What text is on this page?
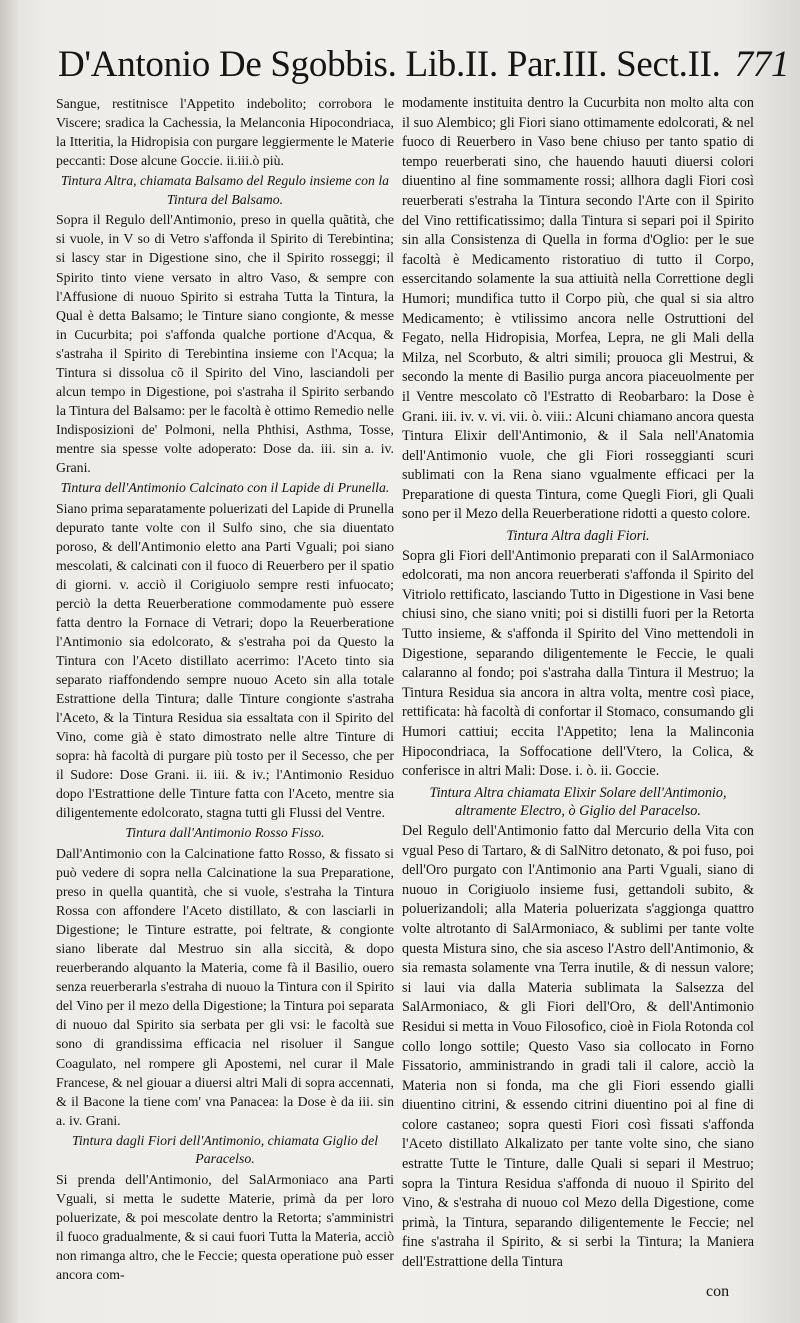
D'Antonio De Sgobbis. Lib.II. Par.III. Sect.II. 771

Sangue, restitnisce l'Appetito indebolito; corrobora le Viscere; sradica la Cachessia, la Melanconia Hipocondriaca, la Itteritia, la Hidropisia con purgare leggiermente le Materie peccanti: Dose alcune Goccie. ii.iii.ò più.

Tintura Altra, chiamata Balsamo del Regulo insieme con la Tintura del Balsamo.

Sopra il Regulo dell'Antimonio, preso in quella quãtità, che si vuole, in V so di Vetro s'affonda il Spirito di Terebintina; si lascy star in Digestione sino, che il Spirito rosseggi; il Spirito tinto viene versato in altro Vaso, & sempre con l'Affusione di nuouo Spirito si estraha Tutta la Tintura, la Qual è detta Balsamo; le Tinture siano congionte, & messe in Cucurbita; poi s'affonda qualche portione d'Acqua, & s'astraha il Spirito di Terebintina insieme con l'Acqua; la Tintura si dissolua cõ il Spirito del Vino, lasciandoli per alcun tempo in Digestione, poi s'astraha il Spirito serbando la Tintura del Balsamo: per le facoltà è ottimo Remedio nelle Indisposizioni de' Polmoni, nella Phthisi, Asthma, Tosse, mentre sia spesse volte adoperato: Dose da. iii. sin a. iv. Grani.

Tintura dell'Antimonio Calcinato con il Lapide di Prunella.

Siano prima separatamente poluerizati del Lapide di Prunella depurato tante volte con il Sulfo sino, che sia diuentato poroso, & dell'Antimonio eletto ana Parti Vguali; poi siano mescolati, & calcinati con il fuoco di Reuerbero per il spatio di giorni. v. acciò il Corigiuolo sempre resti infuocato; perciò la detta Reuerberatione commodamente può essere fatta dentro la Fornace di Vetrari; dopo la Reuerberatione l'Antimonio sia edolcorato, & s'estraha poi da Questo la Tintura con l'Aceto distillato acerrimo: l'Aceto tinto sia separato riaffondendo sempre nuouo Aceto sin alla totale Estrattione della Tintura; dalle Tinture congionte s'astraha l'Aceto, & la Tintura Residua sia essaltata con il Spirito del Vino, come già è stato dimostrato nelle altre Tinture di sopra: hà facoltà di purgare più tosto per il Secesso, che per il Sudore: Dose Grani. ii. iii. & iv.; l'Antimonio Residuo dopo l'Estrattione delle Tinture fatta con l'Aceto, mentre sia diligentemente edolcorato, stagna tutti gli Flussi del Ventre.

Tintura dall'Antimonio Rosso Fisso.

Dall'Antimonio con la Calcinatione fatto Rosso, & fissato si può vedere di sopra nella Calcinatione la sua Preparatione, preso in quella quantità, che si vuole, s'estraha la Tintura Rossa con affondere l'Aceto distillato, & con lasciarli in Digestione; le Tinture estratte, poi feltrate, & congionte siano liberate dal Mestruo sin alla siccità, & dopo reuerberando alquanto la Materia, come fà il Basilio, ouero senza reuerberarla s'estraha di nuouo la Tintura con il Spirito del Vino per il mezo della Digestione; la Tintura poi separata di nuouo dal Spirito sia serbata per gli vsi: le facoltà sue sono di grandissima efficacia nel risoluer il Sangue Coagulato, nel rompere gli Apostemi, nel curar il Male Francese, & nel giouar a diuersi altri Mali di sopra accennati, & il Bacone la tiene com' vna Panacea: la Dose è da iii. sin a. iv. Grani.

Tintura dagli Fiori dell'Antimonio, chiamata Giglio del Paracelso.

Si prenda dell'Antimonio, del SalArmoniaco ana Parti Vguali, si metta le sudette Materie, primà da per loro poluerizate, & poi mescolate dentro la Retorta; s'amministri il fuoco gradualmente, & si caui fuori Tutta la Materia, acciò non rimanga altro, che le Feccie; questa operatione può esser ancora com-

modamente instituita dentro la Cucurbita non molto alta con il suo Alembico; gli Fiori siano ottimamente edolcorati, & nel fuoco di Reuerbero in Vaso bene chiuso per tanto spatio di tempo reuerberati sino, che hauendo hauuti diuersi colori diuentino al fine sommamente rossi; allhora dagli Fiori così reuerberati s'estraha la Tintura secondo l'Arte con il Spirito del Vino rettificatissimo; dalla Tintura si separi poi il Spirito sin alla Consistenza di Quella in forma d'Oglio: per le sue facoltà è Medicamento ristoratiuo di tutto il Corpo, essercitando solamente la sua attiuità nella Correttione degli Humori; mundifica tutto il Corpo più, che qual si sia altro Medicamento; è vtilissimo ancora nelle Ostruttioni del Fegato, nella Hidropisia, Morfea, Lepra, ne gli Mali della Milza, nel Scorbuto, & altri simili; prouoca gli Mestrui, & secondo la mente di Basilio purga ancora piaceuolmente per il Ventre mescolato cõ l'Estratto di Reobarbaro: la Dose è Grani. iii. iv. v. vi. vii. ò. viii.: Alcuni chiamano ancora questa Tintura Elixir dell'Antimonio, & il Sala nell'Anatomia dell'Antimonio vuole, che gli Fiori rosseggianti scuri sublimati con la Rena siano vgualmente efficaci per la Preparatione di questa Tintura, come Quegli Fiori, gli Quali sono per il Mezo della Reuerberatione ridotti a questo colore.

Tintura Altra dagli Fiori.

Sopra gli Fiori dell'Antimonio preparati con il SalArmoniaco edolcorati, ma non ancora reuerberati s'affonda il Spirito del Vitriolo rettificato, lasciando Tutto in Digestione in Vasi bene chiusi sino, che siano vniti; poi si distilli fuori per la Retorta Tutto insieme, & s'affonda il Spirito del Vino mettendoli in Digestione, separando diligentemente le Feccie, le quali calaranno al fondo; poi s'astraha dalla Tintura il Mestruo; la Tintura Residua sia ancora in altra volta, mentre così piace, rettificata: hà facoltà di confortar il Stomaco, consumando gli Humori cattiui; eccita l'Appetito; lena la Malinconia Hipocondriaca, la Soffocatione dell'Vtero, la Colica, & conferisce in altri Mali: Dose. i. ò. ii. Goccie.

Tintura Altra chiamata Elixir Solare dell'Antimonio, altramente Electro, ò Giglio del Paracelso.

Del Regulo dell'Antimonio fatto dal Mercurio della Vita con vgual Peso di Tartaro, & di SalNitro detonato, & poi fuso, poi dell'Oro purgato con l'Antimonio ana Parti Vguali, siano di nuouo in Corigiuolo insieme fusi, gettandoli subito, & poluerizandoli; alla Materia poluerizata s'aggionga quattro volte altrotanto di SalArmoniaco, & sublimi per tante volte questa Mistura sino, che sia asceso l'Astro dell'Antimonio, & sia remasta solamente vna Terra inutile, & di nessun valore; si laui via dalla Materia sublimata la Salsezza del SalArmoniaco, & gli Fiori dell'Oro, & dell'Antimonio Residui si metta in Vouo Filosofico, cioè in Fiola Rotonda col collo longo sottile; Questo Vaso sia collocato in Forno Fissatorio, amministrando in gradi tali il calore, acciò la Materia non si fonda, ma che gli Fiori essendo gialli diuentino citrini, & essendo citrini diuentino poi al fine di colore castaneo; sopra questi Fiori così fissati s'affonda l'Aceto distillato Alkalizato per tante volte sino, che siano estratte Tutte le Tinture, dalle Quali si separi il Mestruo; sopra la Tintura Residua s'affonda di nuouo il Spirito del Vino, & s'estraha di nuouo col Mezo della Digestione, come primà, la Tintura, separando diligentemente le Feccie; nel fine s'astraha il Spirito, & si serbi la Tintura; la Maniera dell'Estrattione della Tintura

con
